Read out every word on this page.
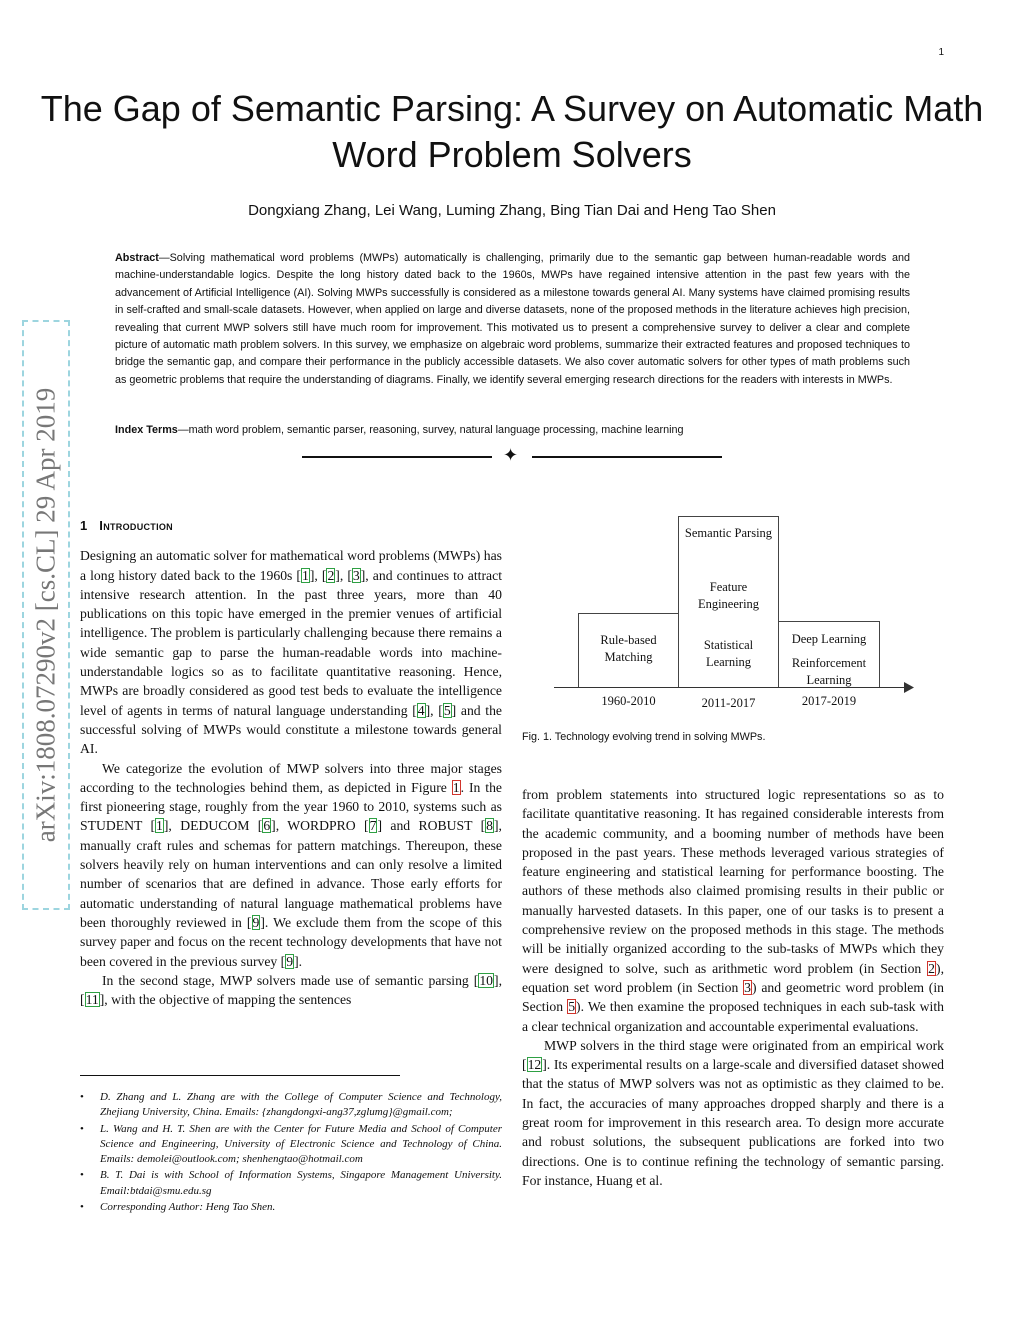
1
The Gap of Semantic Parsing: A Survey on Automatic Math Word Problem Solvers
Dongxiang Zhang, Lei Wang, Luming Zhang, Bing Tian Dai and Heng Tao Shen

Abstract—Solving mathematical word problems (MWPs) automatically is challenging, primarily due to the semantic gap between human-readable words and machine-understandable logics. Despite the long history dated back to the 1960s, MWPs have regained intensive attention in the past few years with the advancement of Artificial Intelligence (AI). Solving MWPs successfully is considered as a milestone towards general AI. Many systems have claimed promising results in self-crafted and small-scale datasets. However, when applied on large and diverse datasets, none of the proposed methods in the literature achieves high precision, revealing that current MWP solvers still have much room for improvement. This motivated us to present a comprehensive survey to deliver a clear and complete picture of automatic math problem solvers. In this survey, we emphasize on algebraic word problems, summarize their extracted features and proposed techniques to bridge the semantic gap, and compare their performance in the publicly accessible datasets. We also cover automatic solvers for other types of math problems such as geometric problems that require the understanding of diagrams. Finally, we identify several emerging research directions for the readers with interests in MWPs.

Index Terms—math word problem, semantic parser, reasoning, survey, natural language processing, machine learning
✦
arXiv:1808.07290v2 [cs.CL] 29 Apr 2019 1 Introduction

Designing an automatic solver for mathematical word problems (MWPs) has a long history dated back to the 1960s [1], [2], [3], and continues to attract intensive research attention. In the past three years, more than 40 publications on this topic have emerged in the premier venues of artificial intelligence. The problem is particularly challenging because there remains a wide semantic gap to parse the human-readable words into machine-understandable logics so as to facilitate quantitative reasoning. Hence, MWPs are broadly considered as good test beds to evaluate the intelligence level of agents in terms of natural language understanding [4], [5] and the successful solving of MWPs would constitute a milestone towards general AI.

We categorize the evolution of MWP solvers into three major stages according to the technologies behind them, as depicted in Figure 1. In the first pioneering stage, roughly from the year 1960 to 2010, systems such as STUDENT [1], DEDUCOM [6], WORDPRO [7] and ROBUST [8], manually craft rules and schemas for pattern matchings. Thereupon, these solvers heavily rely on human interventions and can only resolve a limited number of scenarios that are defined in advance. Those early efforts for automatic understanding of natural language mathematical problems have been thoroughly reviewed in [9]. We exclude them from the scope of this survey paper and focus on the recent technology developments that have not been covered in the previous survey [9].

In the second stage, MWP solvers made use of semantic parsing [10], [11], with the objective of mapping the sentences

• D. Zhang and L. Zhang are with the College of Computer Science and Technology, Zhejiang University, China. Emails: {zhangdongxi-ang37,zglumg}@gmail.com;
• L. Wang and H. T. Shen are with the Center for Future Media and School of Computer Science and Engineering, University of Electronic Science and Technology of China. Emails: demolei@outlook.com; shenhengtao@hotmail.com
• B. T. Dai is with School of Information Systems, Singapore Management University. Email:btdai@smu.edu.sg
• Corresponding Author: Heng Tao Shen.
Rule-based Matching
Semantic Parsing
Feature Engineering
Statistical Learning
Deep Learning
Reinforcement Learning
1960-2010	2011-2017	2017-2019
Fig. 1. Technology evolving trend in solving MWPs.

from problem statements into structured logic representations so as to facilitate quantitative reasoning. It has regained considerable interests from the academic community, and a booming number of methods have been proposed in the past years. These methods leveraged various strategies of feature engineering and statistical learning for performance boosting. The authors of these methods also claimed promising results in their public or manually harvested datasets. In this paper, one of our tasks is to present a comprehensive review on the proposed methods in this stage. The methods will be initially organized according to the sub-tasks of MWPs which they were designed to solve, such as arithmetic word problem (in Section 2), equation set word problem (in Section 3) and geometric word problem (in Section 5). We then examine the proposed techniques in each sub-task with a clear technical organization and accountable experimental evaluations.

MWP solvers in the third stage were originated from an empirical work [12]. Its experimental results on a large-scale and diversified dataset showed that the status of MWP solvers was not as optimistic as they claimed to be. In fact, the accuracies of many approaches dropped sharply and there is a great room for improvement in this research area. To design more accurate and robust solutions, the subsequent publications are forked into two directions. One is to continue refining the technology of semantic parsing. For instance, Huang et al.
